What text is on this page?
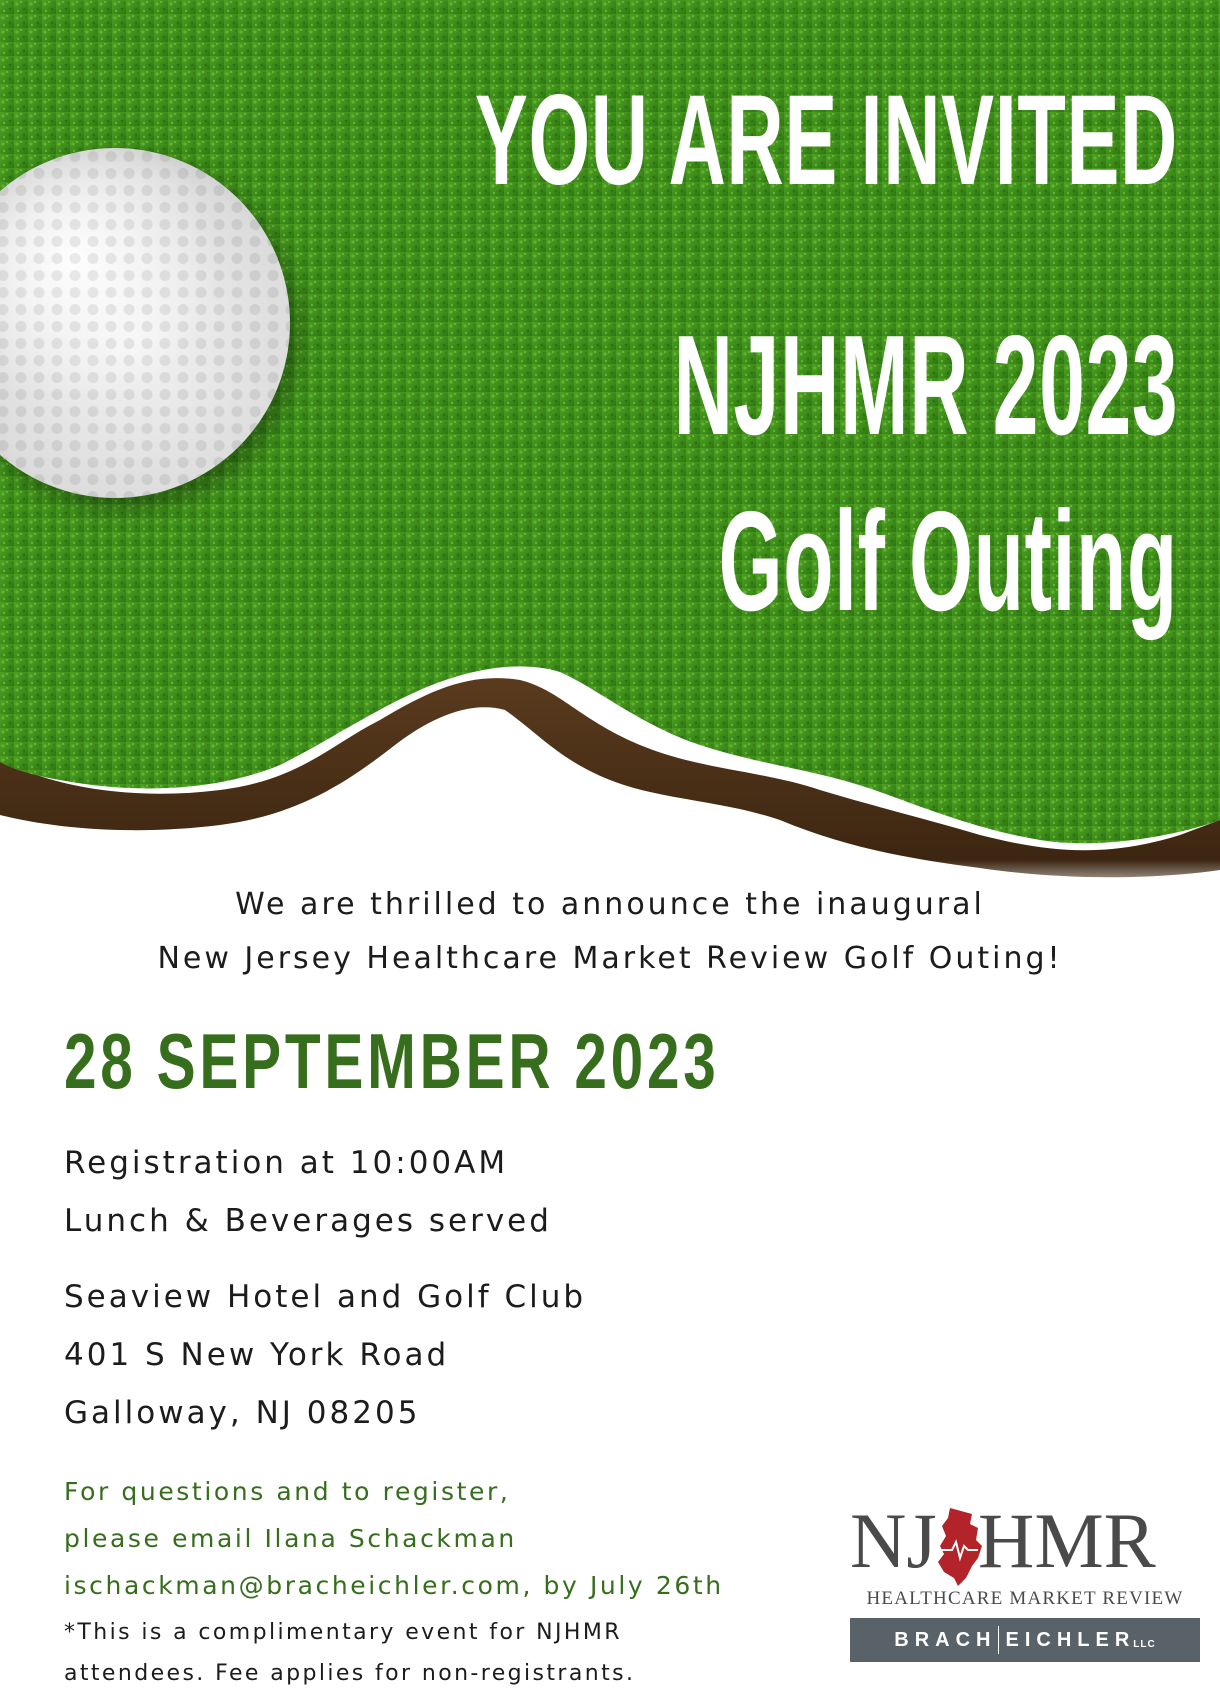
YOU ARE INVITED
NJHMR 2023
Golf Outing
We are thrilled to announce the inaugural
New Jersey Healthcare Market Review Golf Outing!
28 SEPTEMBER 2023
Registration at 10:00AM
Lunch & Beverages served
Seaview Hotel and Golf Club
401 S New York Road
Galloway, NJ 08205
For questions and to register,
please email Ilana Schackman
ischackman@bracheichler.com, by July 26th
*This is a complimentary event for NJHMR
attendees. Fee applies for non-registrants.
NJ HMR
HEALTHCARE MARKET REVIEW
BRACH EICHLER
LLC
